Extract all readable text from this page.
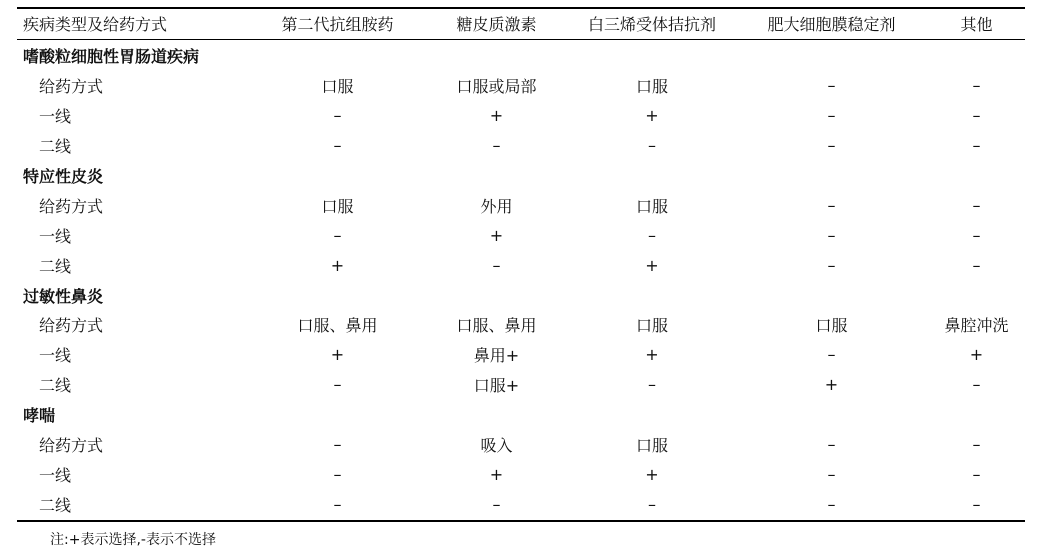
疾病类型及给药方式	第二代抗组胺药	糖皮质激素	白三烯受体拮抗剂	肥大细胞膜稳定剂	其他

嗜酸粒细胞性胃肠道疾病					
给药方式	口服	口服或局部	口服	–	–
一线	–	+	+	–	–
二线	–	–	–	–	–
特应性皮炎					
给药方式	口服	外用	口服	–	–
一线	–	+	–	–	–
二线	+	–	+	–	–
过敏性鼻炎					
给药方式	口服、鼻用	口服、鼻用	口服	口服	鼻腔冲洗
一线	+	鼻用+	+	–	+
二线	–	口服+	–	+	–
哮喘					
给药方式	–	吸入	口服	–	–
一线	–	+	+	–	–
二线	–	–	–	–	–
注:+表示选择,-表示不选择
